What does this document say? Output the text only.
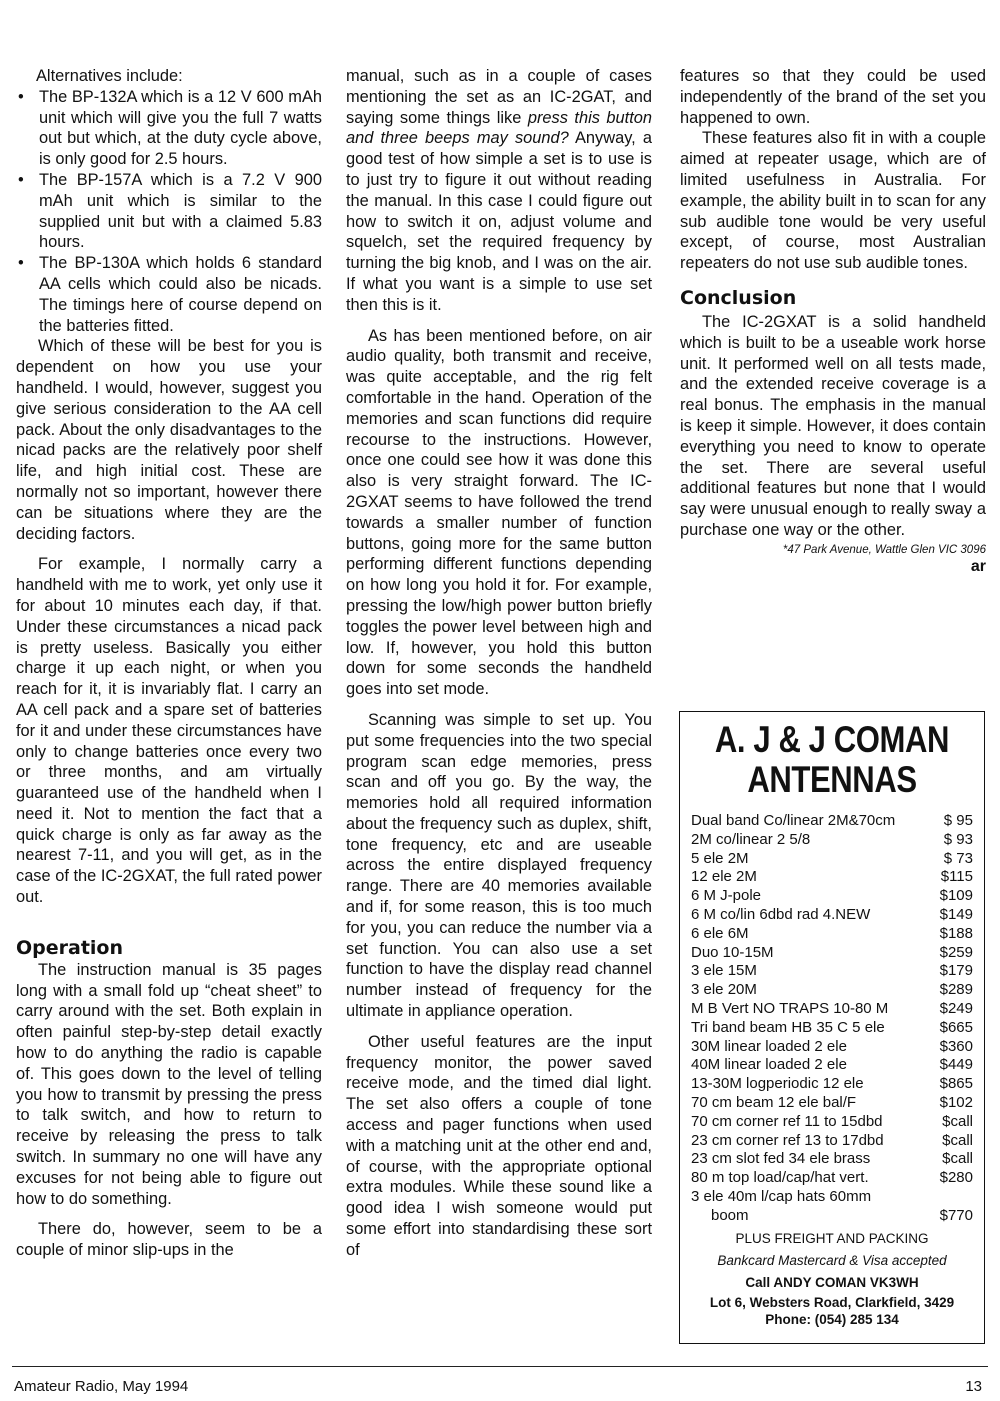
Alternatives include:

• The BP-132A which is a 12 V 600 mAh unit which will give you the full 7 watts out but which, at the duty cycle above, is only good for 2.5 hours.
• The BP-157A which is a 7.2 V 900 mAh unit which is similar to the supplied unit but with a claimed 5.83 hours.
• The BP-130A which holds 6 standard AA cells which could also be nicads. The timings here of course depend on the batteries fitted.

Which of these will be best for you is dependent on how you use your handheld. I would, however, suggest you give serious consideration to the AA cell pack. About the only disadvantages to the nicad packs are the relatively poor shelf life, and high initial cost. These are normally not so important, however there can be situations where they are the deciding factors.

For example, I normally carry a handheld with me to work, yet only use it for about 10 minutes each day, if that. Under these circumstances a nicad pack is pretty useless. Basically you either charge it up each night, or when you reach for it, it is invariably flat. I carry an AA cell pack and a spare set of batteries for it and under these circumstances have only to change batteries once every two or three months, and am virtually guaranteed use of the handheld when I need it. Not to mention the fact that a quick charge is only as far away as the nearest 7-11, and you will get, as in the case of the IC-2GXAT, the full rated power out.

Operation

The instruction manual is 35 pages long with a small fold up “cheat sheet” to carry around with the set. Both explain in often painful step-by-step detail exactly how to do anything the radio is capable of. This goes down to the level of telling you how to transmit by pressing the press to talk switch, and how to return to receive by releasing the press to talk switch. In summary no one will have any excuses for not being able to figure out how to do something.

There do, however, seem to be a couple of minor slip-ups in the

manual, such as in a couple of cases mentioning the set as an IC-2GAT, and saying some things like press this button and three beeps may sound? Anyway, a good test of how simple a set is to use is to just try to figure it out without reading the manual. In this case I could figure out how to switch it on, adjust volume and squelch, set the required frequency by turning the big knob, and I was on the air. If what you want is a simple to use set then this is it.

As has been mentioned before, on air audio quality, both transmit and receive, was quite acceptable, and the rig felt comfortable in the hand. Operation of the memories and scan functions did require recourse to the instructions. However, once one could see how it was done this also is very straight forward. The IC-2GXAT seems to have followed the trend towards a smaller number of function buttons, going more for the same button performing different functions depending on how long you hold it for. For example, pressing the low/high power button briefly toggles the power level between high and low. If, however, you hold this button down for some seconds the handheld goes into set mode.

Scanning was simple to set up. You put some frequencies into the two special program scan edge memories, press scan and off you go. By the way, the memories hold all required information about the frequency such as duplex, shift, tone frequency, etc and are useable across the entire displayed frequency range. There are 40 memories available and if, for some reason, this is too much for you, you can reduce the number via a set function. You can also use a set function to have the display read channel number instead of frequency for the ultimate in appliance operation.

Other useful features are the input frequency monitor, the power saved receive mode, and the timed dial light. The set also offers a couple of tone access and pager functions when used with a matching unit at the other end and, of course, with the appropriate optional extra modules. While these sound like a good idea I wish someone would put some effort into standardising these sort of

features so that they could be used independently of the brand of the set you happened to own.

These features also fit in with a couple aimed at repeater usage, which are of limited usefulness in Australia. For example, the ability built in to scan for any sub audible tone would be very useful except, of course, most Australian repeaters do not use sub audible tones.

Conclusion

The IC-2GXAT is a solid handheld which is built to be a useable work horse unit. It performed well on all tests made, and the extended receive coverage is a real bonus. The emphasis in the manual is keep it simple. However, it does contain everything you need to know to operate the set. There are several useful additional features but none that I would say were unusual enough to really sway a purchase one way or the other.

*47 Park Avenue, Wattle Glen VIC 3096
ar
A. J & J COMAN
ANTENNAS
Dual band Co/linear 2M&70cm	$ 95
2M co/linear 2 5/8	$ 93
5 ele 2M	$ 73
12 ele 2M	$115
6 M J-pole	$109
6 M co/lin 6dbd rad 4.NEW	$149
6 ele 6M	$188
Duo 10-15M	$259
3 ele 15M	$179
3 ele 20M	$289
M B Vert NO TRAPS 10-80 M	$249
Tri band beam HB 35 C 5 ele	$665
30M linear loaded 2 ele	$360
40M linear loaded 2 ele	$449
13-30M logperiodic 12 ele	$865
70 cm beam 12 ele bal/F	$102
70 cm corner ref 11 to 15dbd	$call
23 cm corner ref 13 to 17dbd	$call
23 cm slot fed 34 ele brass	$call
80 m top load/cap/hat vert.	$280
3 ele 40m l/cap hats 60mm
boom	$770
PLUS FREIGHT AND PACKING
Bankcard Mastercard & Visa accepted
Call ANDY COMAN VK3WH
Lot 6, Websters Road, Clarkfield, 3429
Phone: (054) 285 134
Amateur Radio, May 1994	13
